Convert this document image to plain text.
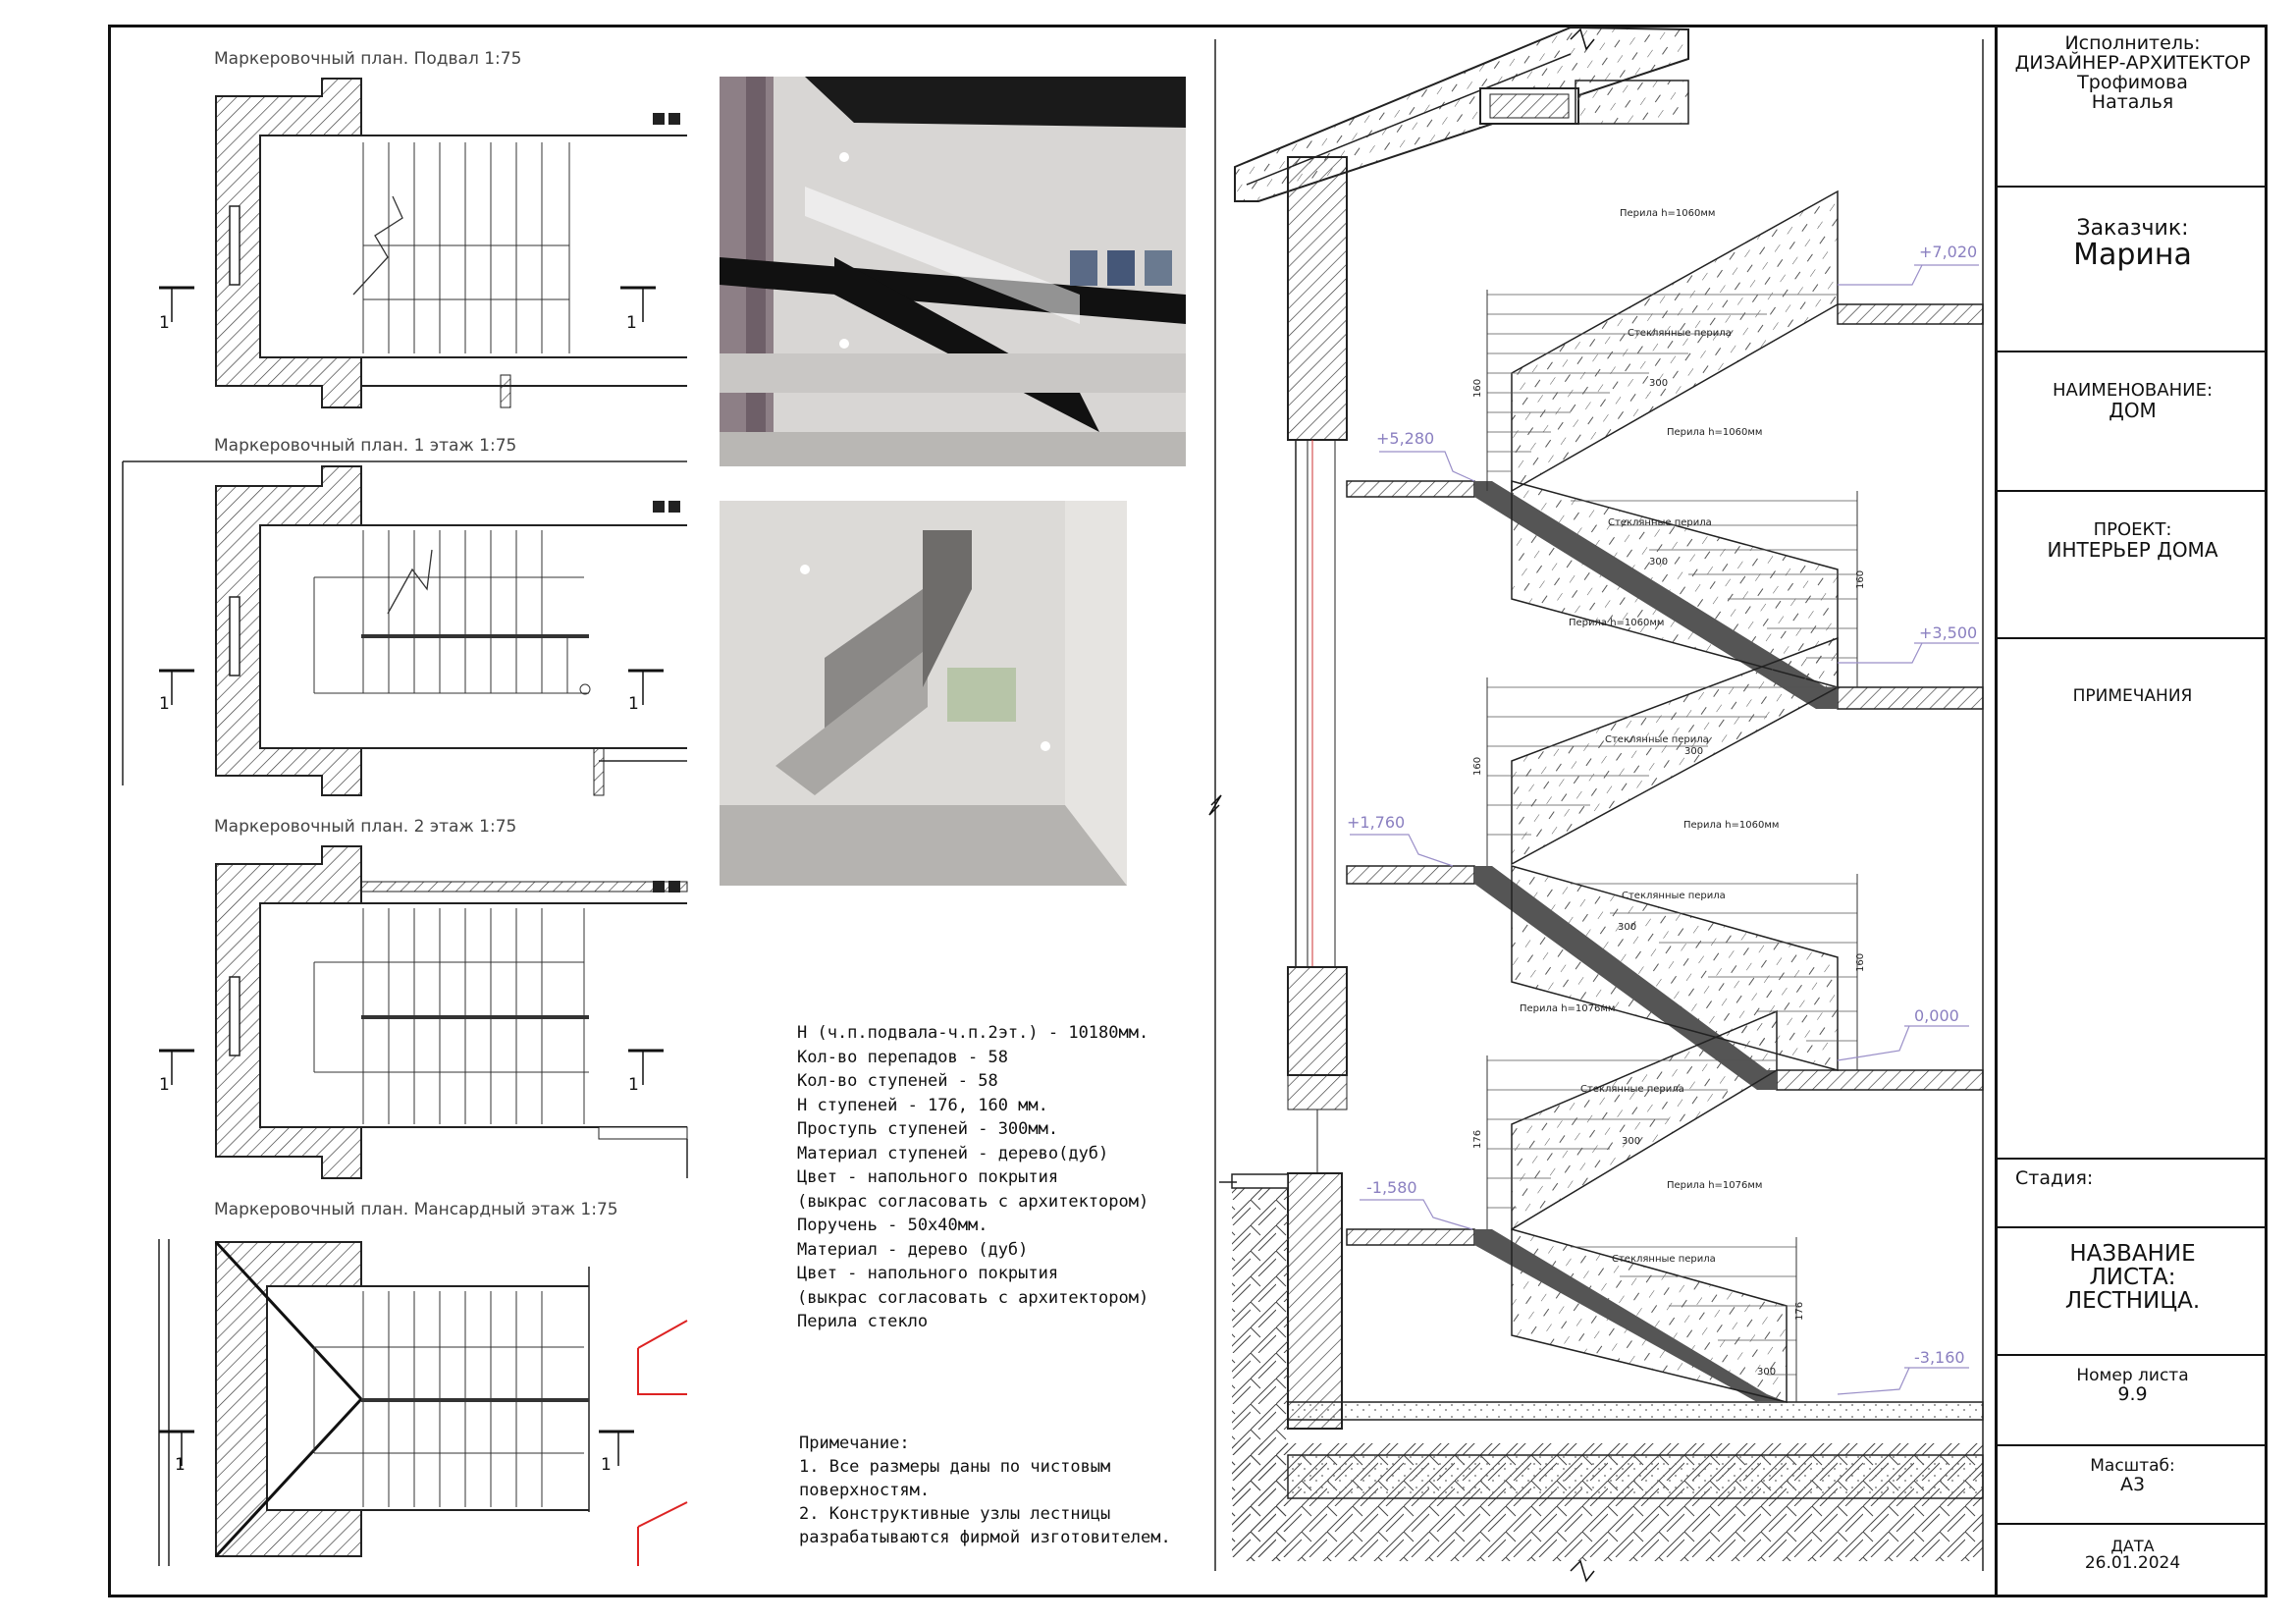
+7,020
+5,280
+3,500
+1,760
0,000
-1,580
-3,160
Перила h=1060мм
Перила h=1060мм
Перила h=1060мм
Перила h=1060мм
Перила h=1076мм
Перила h=1076мм
Стеклянные перила
Стеклянные перила
Стеклянные перила
Стеклянные перила
Стеклянные перила
Стеклянные перила
300
300
300
300
300
300
160
160
160
160
176
176
1	1
1	1
1	1
1	1
Маркеровочный план. Подвал 1:75
Маркеровочный план. 1 этаж 1:75
Маркеровочный план. 2 этаж 1:75
Маркеровочный план. Мансардный этаж 1:75
Н (ч.п.подвала-ч.п.2эт.) - 10180мм.
Кол-во перепадов - 58
Кол-во ступеней - 58
Н ступеней - 176, 160 мм.
Проступь ступеней - 300мм.
Материал ступеней - дерево(дуб)
Цвет - напольного покрытия
(выкрас согласовать с архитектором)
Поручень - 50х40мм.
Материал - дерево (дуб)
Цвет - напольного покрытия
(выкрас согласовать с архитектором)
Перила стекло
Примечание:
1. Все размеры даны по чистовым
поверхностям.
2. Конструктивные узлы лестницы
разрабатываются фирмой изготовителем.
Исполнитель:
ДИЗАЙНЕР-АРХИТЕКТОР
Трофимова
Наталья
Заказчик:
Марина
НАИМЕНОВАНИЕ:
ДОМ
ПРОЕКТ:
ИНТЕРЬЕР ДОМА
ПРИМЕЧАНИЯ
Стадия:
НАЗВАНИЕ
ЛИСТА:
ЛЕСТНИЦА.
Номер листа
9.9
Масштаб:
А3
ДАТА
26.01.2024
